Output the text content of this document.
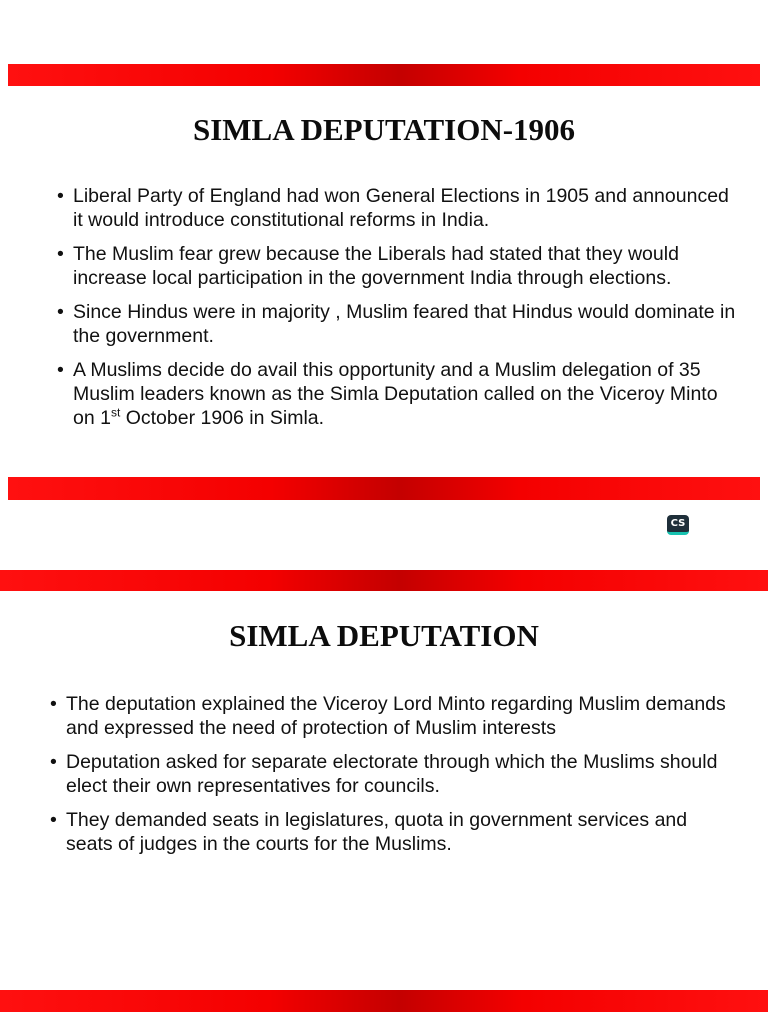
SIMLA DEPUTATION-1906
• Liberal Party of England had won General Elections in 1905 and announced it would introduce constitutional reforms in India.
• The Muslim fear grew because the Liberals had stated that they would increase local participation in the government India through elections.
• Since Hindus were in majority , Muslim feared that Hindus would dominate in the government.
• A Muslims decide do avail this opportunity and a Muslim delegation of 35 Muslim leaders known as the Simla Deputation called on the Viceroy Minto on 1st October 1906 in Simla.
CS
SIMLA DEPUTATION
• The deputation explained the Viceroy Lord Minto regarding Muslim demands and expressed the need of protection of Muslim interests
• Deputation asked for separate electorate through which the Muslims should elect their own representatives for councils.
• They demanded seats in legislatures, quota in government services and seats of judges in the courts for the Muslims.
